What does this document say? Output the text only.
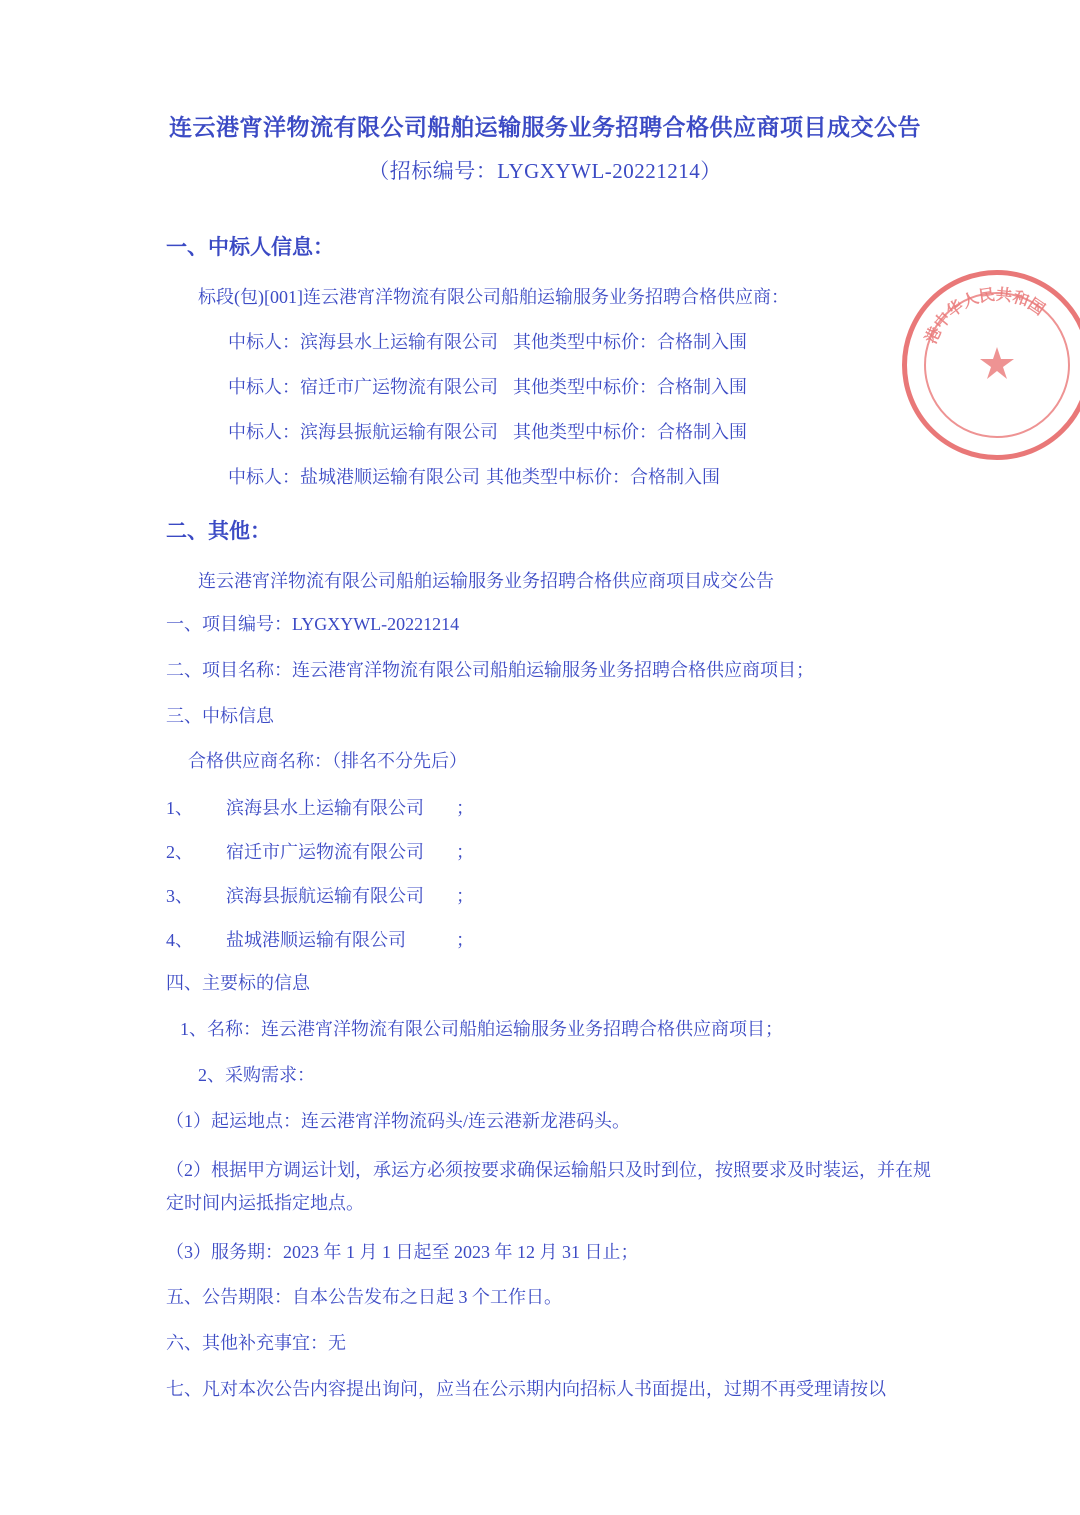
连云港宵洋物流有限公司船舶运输服务业务招聘合格供应商项目成交公告
（招标编号：LYGXYWL-20221214）
一、中标人信息：
标段(包)[001]连云港宵洋物流有限公司船舶运输服务业务招聘合格供应商：
中标人：滨海县水上运输有限公司 其他类型中标价：合格制入围
中标人：宿迁市广运物流有限公司 其他类型中标价：合格制入围
中标人：滨海县振航运输有限公司 其他类型中标价：合格制入围
中标人：盐城港顺运输有限公司 其他类型中标价：合格制入围
二、其他：
连云港宵洋物流有限公司船舶运输服务业务招聘合格供应商项目成交公告
一、项目编号：LYGXYWL-20221214
二、项目名称：连云港宵洋物流有限公司船舶运输服务业务招聘合格供应商项目；
三、中标信息
合格供应商名称：（排名不分先后）
1、	滨海县水上运输有限公司	；
2、	宿迁市广运物流有限公司	；
3、	滨海县振航运输有限公司	；
4、	盐城港顺运输有限公司	；
四、主要标的信息
1、名称：连云港宵洋物流有限公司船舶运输服务业务招聘合格供应商项目；
2、采购需求：
（1）起运地点：连云港宵洋物流码头/连云港新龙港码头。
（2）根据甲方调运计划，承运方必须按要求确保运输船只及时到位，按照要求及时装运，并在规定时间内运抵指定地点。
（3）服务期：2023 年 1 月 1 日起至 2023 年 12 月 31 日止；
五、公告期限：自本公告发布之日起 3 个工作日。
六、其他补充事宜：无
七、凡对本次公告内容提出询问，应当在公示期内向招标人书面提出，过期不再受理请按以
港中华人民共和国
